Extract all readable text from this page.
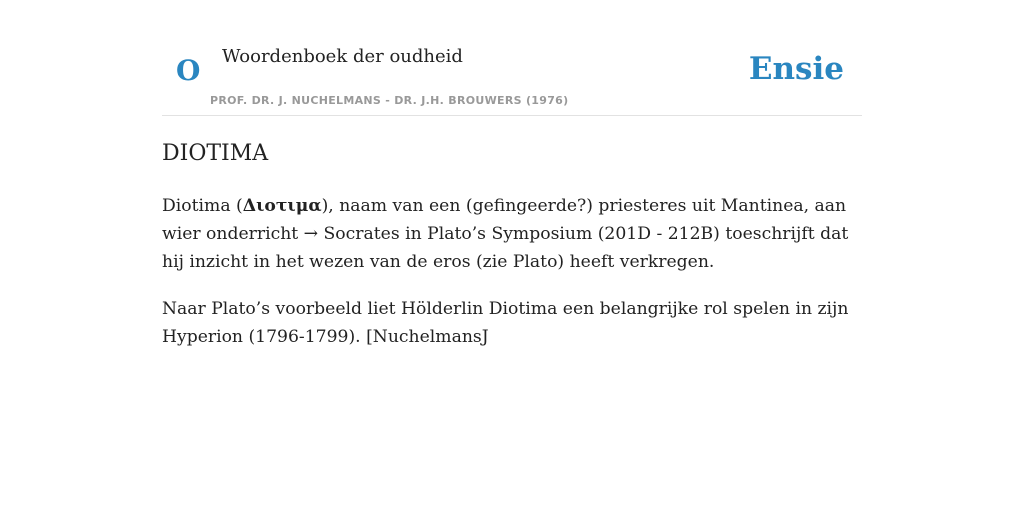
O Woordenboek der oudheid
PROF. DR. J. NUCHELMANS - DR. J.H. BROUWERS (1976)
Ensie
DIOTIMA

Diotima (Διοτιμα), naam van een (gefingeerde?) priesteres uit Mantinea, aan wier onderricht → Socrates in Plato’s Symposium (201D - 212B) toeschrijft dat hij inzicht in het wezen van de eros (zie Plato) heeft verkregen.

Naar Plato’s voorbeeld liet Hölderlin Diotima een belangrijke rol spelen in zijn Hyperion (1796-1799). [NuchelmansJ
